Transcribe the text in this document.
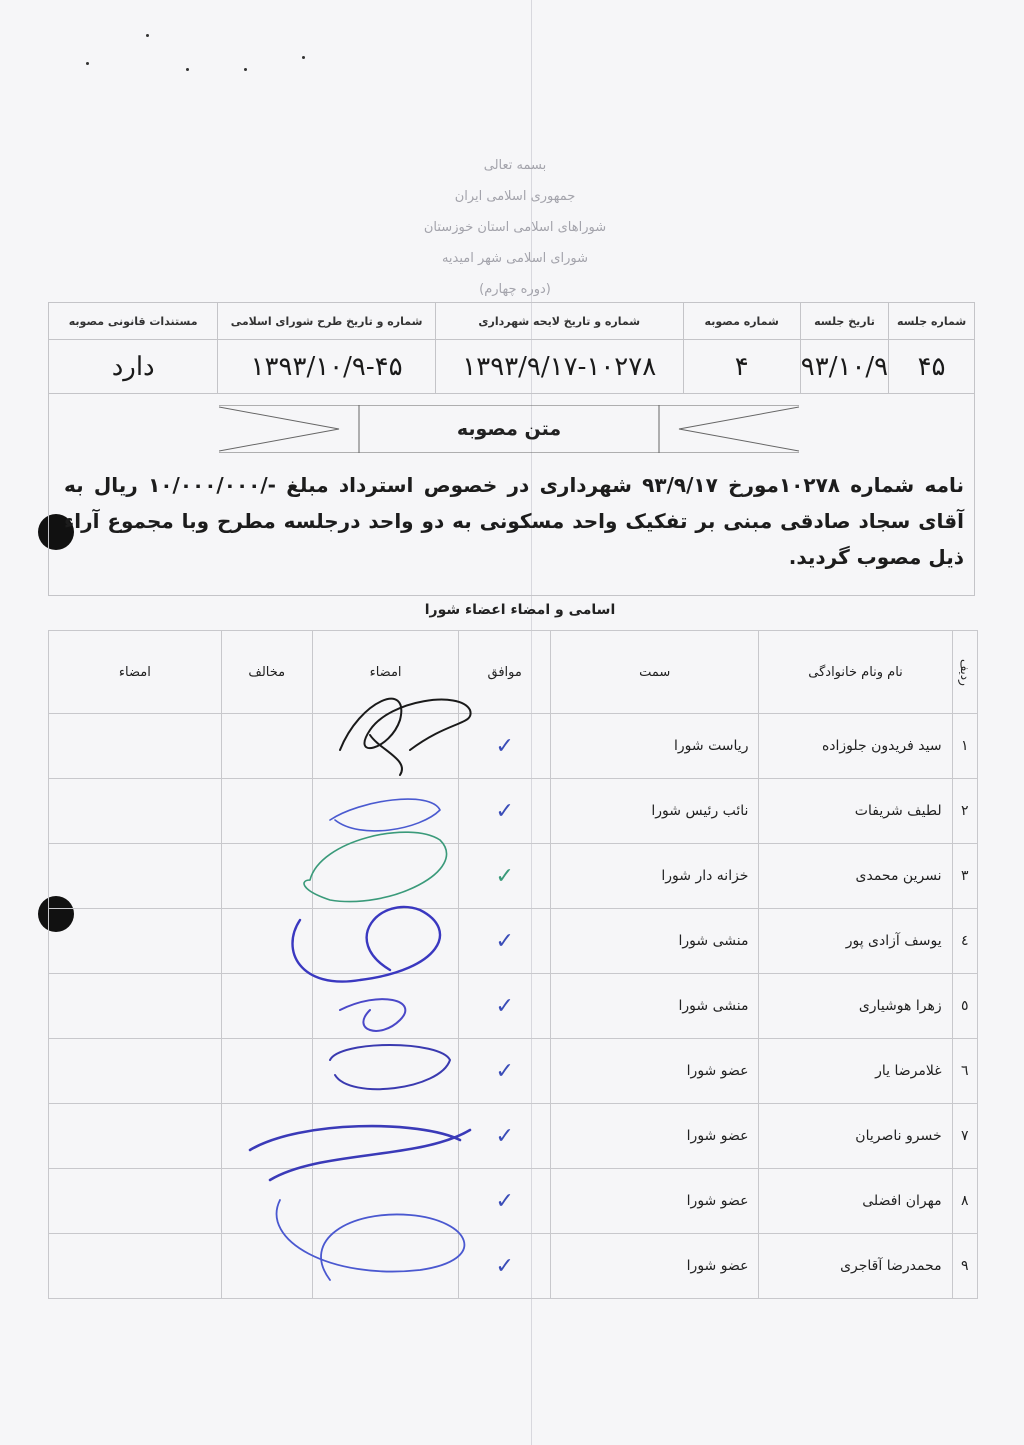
بسمه تعالی
جمهوری اسلامی ایران
شوراهای اسلامی استان خوزستان
شورای اسلامی شهر امیدیه
(دوره چهارم)
شماره جلسه	تاریخ جلسه	شماره مصوبه	شماره و تاریخ لایحه شهرداری	شماره و تاریخ طرح شورای اسلامی	مستندات قانونی مصوبه
۴۵	۹۳/۱۰/۹	۴	۱۳۹۳/۹/۱۷-۱۰۲۷۸	۱۳۹۳/۱۰/۹-۴۵	دارد
متن مصوبه
نامه شماره ۱۰۲۷۸مورخ ۹۳/۹/۱۷ شهرداری در خصوص استرداد مبلغ -/۱۰/۰۰۰/۰۰۰ ریال به آقای سجاد صادقی مبنی بر تفکیک واحد مسکونی به دو واحد درجلسه مطرح وبا مجموع آراء ذیل مصوب گردید.
اسامی و امضاء اعضاء شورا
ردیف	نام ونام خانوادگی	سمت	موافق	امضاء	مخالف	امضاء
۱	سید فریدون جلوزاده	ریاست شورا	✓			
۲	لطیف شریفات	نائب رئیس شورا	✓			
۳	نسرین محمدی	خزانه دار شورا	✓			
٤	یوسف آزادی پور	منشی شورا	✓			
٥	زهرا هوشیاری	منشی شورا	✓			
٦	غلامرضا یار	عضو شورا	✓			
۷	خسرو ناصریان	عضو شورا	✓			
۸	مهران افضلی	عضو شورا	✓			
۹	محمدرضا آقاجری	عضو شورا	✓			
